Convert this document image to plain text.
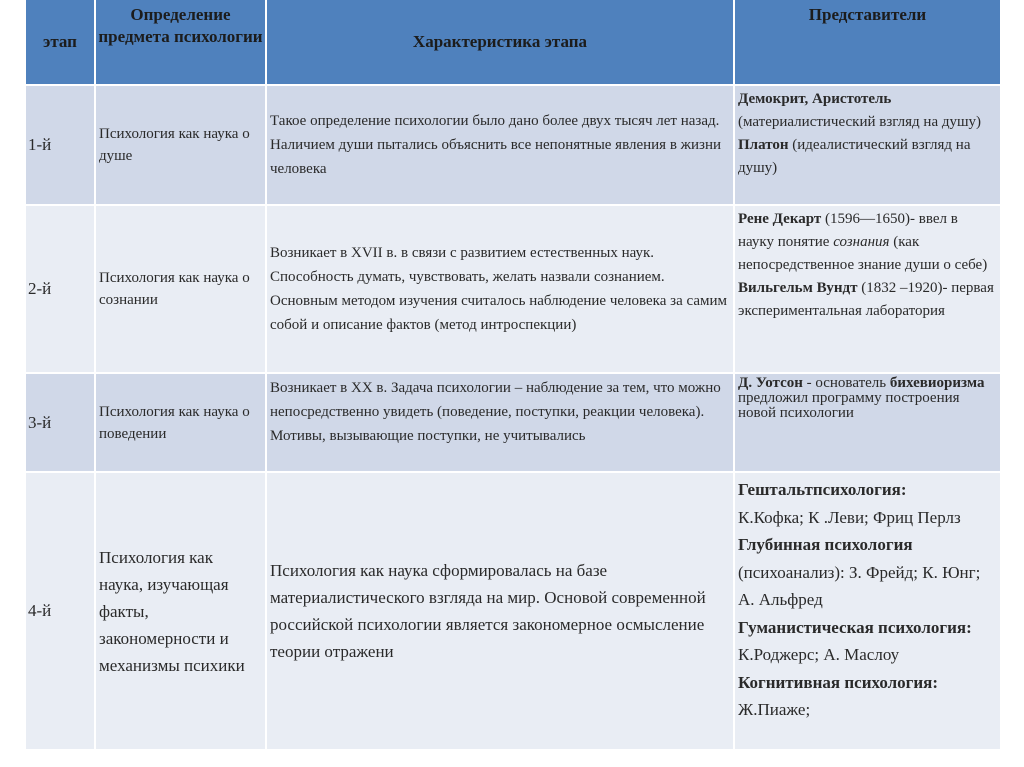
этап
Определение предмета психологии	Характеристика этапа
Представители
1-й
Психология как наука о душе
Такое определение психологии было дано более двух тысяч лет назад. Наличием души пытались объяснить все непонятные явления в жизни человека
Демокрит, Аристотель (материалистический взгляд на душу)
Платон (идеалистический взгляд на душу)
2-й
Психология как наука о сознании
Возникает в XVII в. в связи с развитием естественных наук. Способность думать, чувствовать, желать назвали сознанием. Основным методом изучения считалось наблюдение человека за самим собой и описание фактов (метод интроспекции)
Рене Декарт (1596—1650)- ввел в науку понятие сознания (как непосредственное знание души о себе)
Вильгельм Вундт (1832 –1920)- первая экспериментальная лаборатория
3-й
Психология как наука о поведении
Возникает в XX в. Задача психологии – наблюдение за тем, что можно непосредственно увидеть (поведение, поступки, реакции человека). Мотивы, вызывающие поступки, не учитывались
Д. Уотсон - основатель бихевиоризма предложил программу построения новой психологии
4-й
Психология как наука, изучающая факты, закономерности и механизмы психики
Психология как наука сформировалась на базе материалистического взгляда на мир. Основой современной российской психологии является закономерное осмысление теории отражени
Гештальтпсихология:
К.Кофка; К .Леви; Фриц Перлз
Глубинная психология
(психоанализ): З. Фрейд; К. Юнг; А. Альфред
Гуманистическая психология: К.Роджерс; А. Маслоу
Когнитивная психология:
Ж.Пиаже;
